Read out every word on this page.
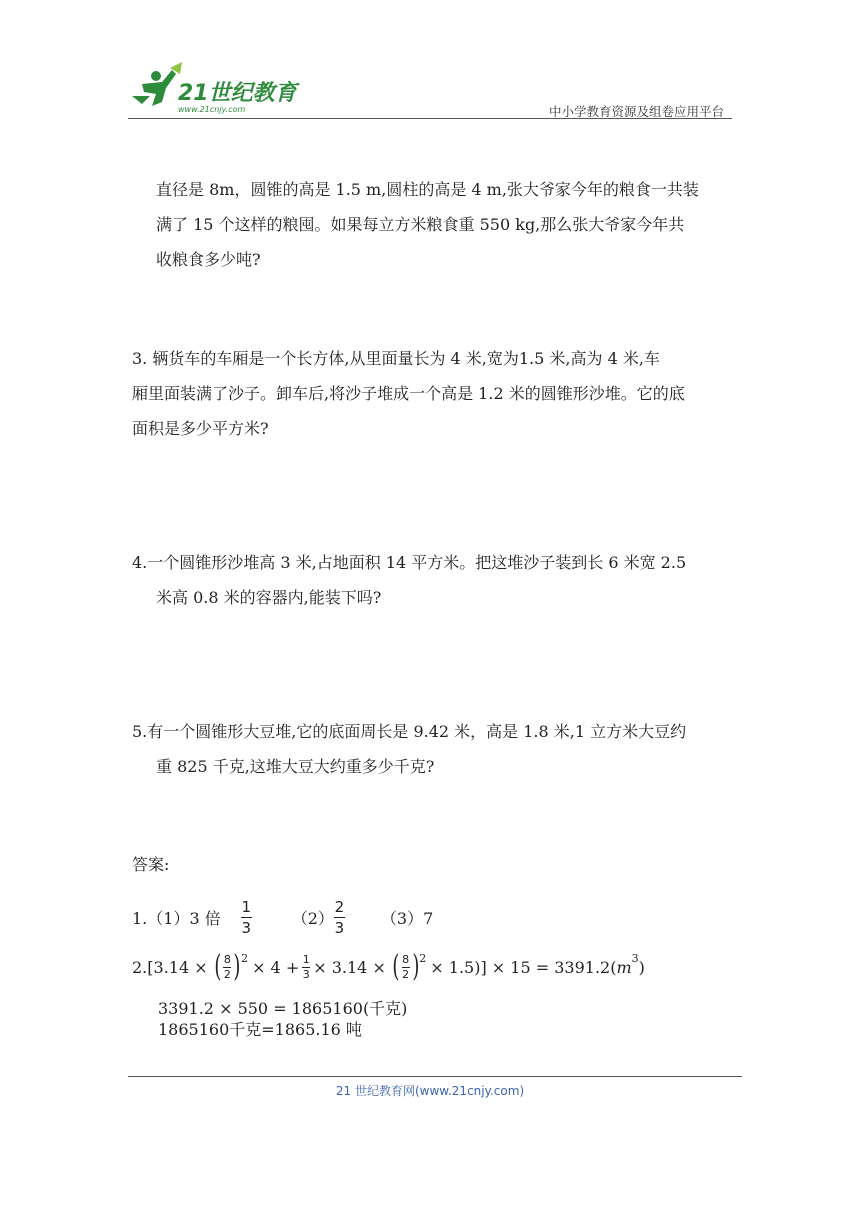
21世纪教育
www.21cnjy.com	中小学教育资源及组卷应用平台
直径是 8m，圆锥的高是 1.5 m,圆柱的高是 4 m,张大爷家今年的粮食一共装
满了 15 个这样的粮囤。如果每立方米粮食重 550 kg,那么张大爷家今年共
收粮食多少吨?
3. 辆货车的车厢是一个长方体,从里面量长为 4 米,宽为1.5 米,高为 4 米,车
厢里面装满了沙子。卸车后,将沙子堆成一个高是 1.2 米的圆锥形沙堆。它的底
面积是多少平方米?
4.一个圆锥形沙堆高 3 米,占地面积 14 平方米。把这堆沙子装到长 6 米宽 2.5
米高 0.8 米的容器内,能装下吗?
5.有一个圆锥形大豆堆,它的底面周长是 9.42 米，高是 1.8 米,1 立方米大豆约
重 825 千克,这堆大豆大约重多少千克?
答案:
1.（1）3 倍 $\frac{1}{3}$	$(2) \frac{2}{3} (3)7$
2. [3.14 × ( $\frac{8}{2}$ ) $2 \times 4 + \frac{1}{3} \times 3.14$ × ( $\frac{8}{2}$ ) 2 × 1.5)] × 15 = 3391.2( m 3 )
3391.2 × 550 = 1865160(千克)
1865160千克=1865.16 吨
21 世纪教育网(www.21cnjy.com)
